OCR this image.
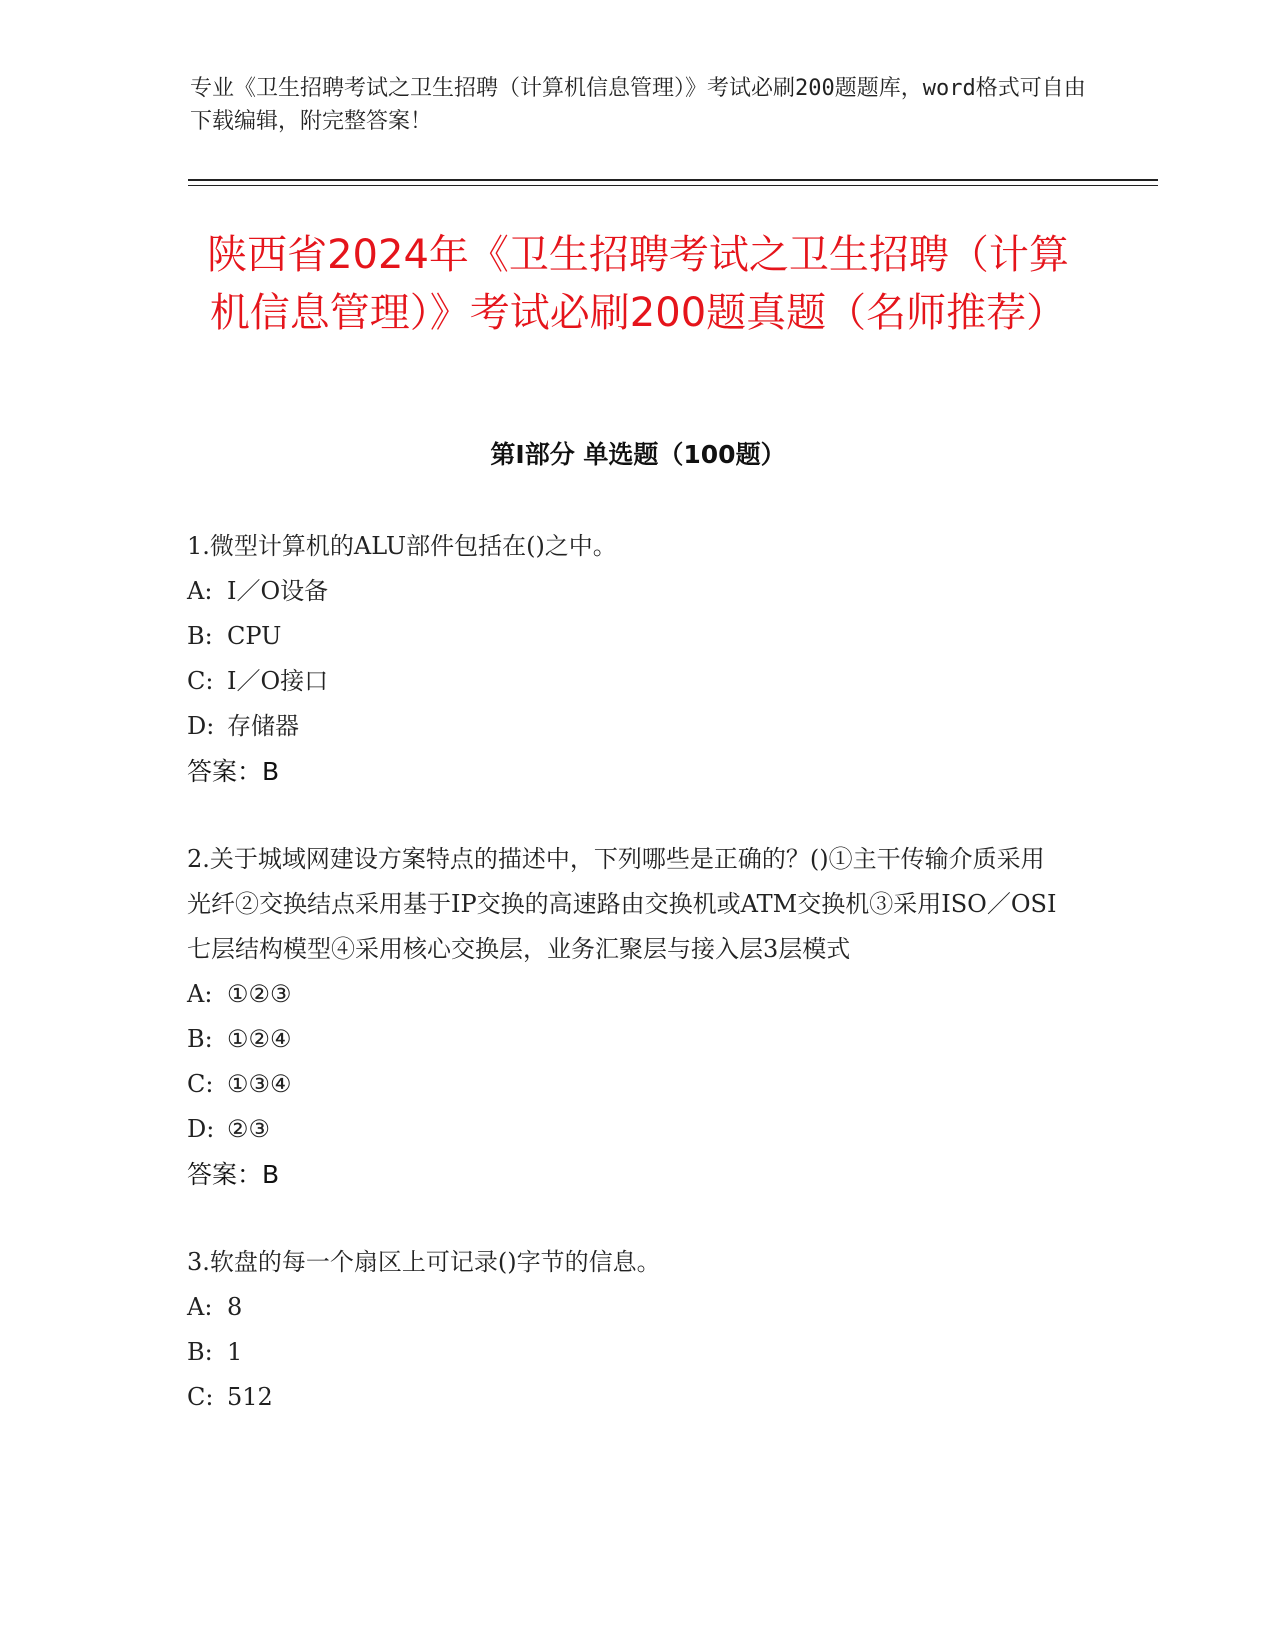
专业《卫生招聘考试之卫生招聘（计算机信息管理）》考试必刷200题题库，word格式可自由下载编辑，附完整答案！
陕西省2024年《卫生招聘考试之卫生招聘（计算机信息管理）》考试必刷200题真题（名师推荐）
第I部分 单选题（100题）

1.微型计算机的ALU部件包括在()之中。

A: I／O设备

B: CPU

C: I／O接口

D: 存储器

答案：B

2.关于城域网建设方案特点的描述中，下列哪些是正确的？()①主干传输介质采用光纤②交换结点采用基于IP交换的高速路由交换机或ATM交换机③采用ISO／OSI七层结构模型④采用核心交换层，业务汇聚层与接入层3层模式

A: ①②③

B: ①②④

C: ①③④

D: ②③

答案：B

3.软盘的每一个扇区上可记录()字节的信息。

A: 8

B: 1

C: 512
